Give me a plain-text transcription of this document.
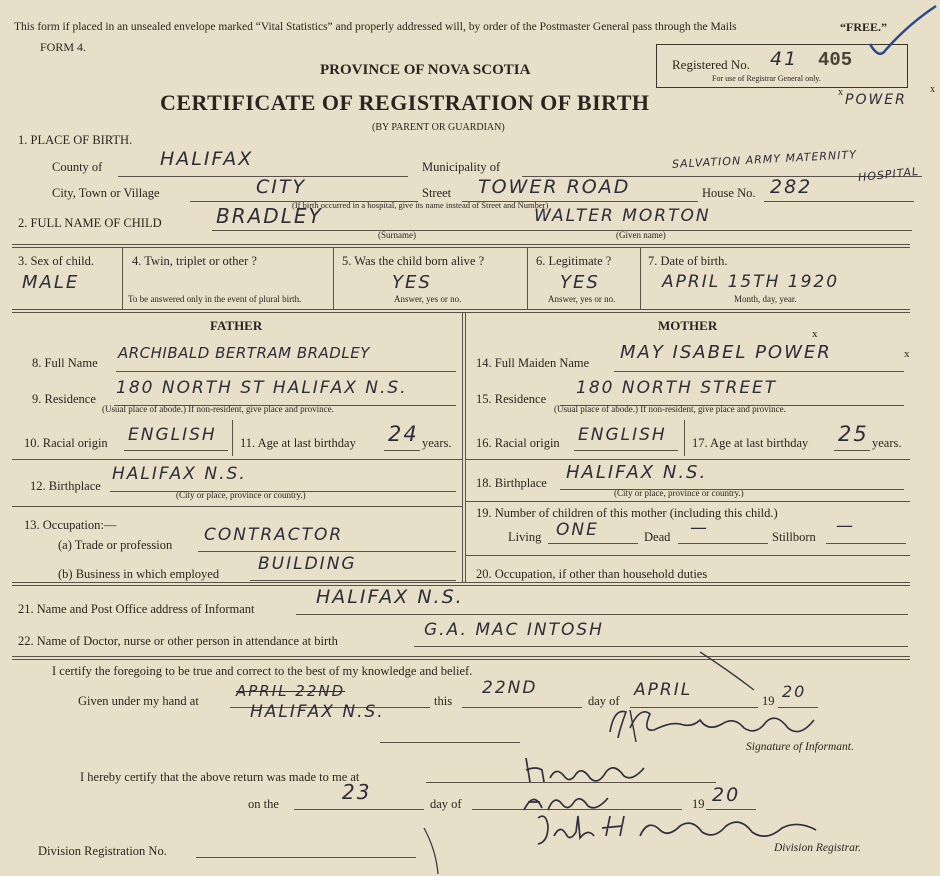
This form if placed in an unsealed envelope marked “Vital Statistics” and properly addressed will, by order of the Postmaster General pass through the Mails	“FREE.”
FORM 4.
PROVINCE OF NOVA SCOTIA
CERTIFICATE OF REGISTRATION OF BIRTH
(BY PARENT OR GUARDIAN)
Registered No. 41 405
For use of Registrar General only.
POWER
x	x
1. PLACE OF BIRTH.
County of	HALIFAX	Municipality of	SALVATION ARMY MATERNITY
HOSPITAL
City, Town or Village	CITY	Street TOWER ROAD	House No. 282
(If birth occurred in a hospital, give its name instead of Street and Number)
2. FULL NAME OF CHILD	BRADLEY
(Surname)
WALTER MORTON
(Given name)
3. Sex of child.
MALE
4. Twin, triplet or other ?
To be answered only in the event of plural birth.
5. Was the child born alive ?
YES
Answer, yes or no.
6. Legitimate ?
YES
Answer, yes or no.
7. Date of birth.
APRIL 15TH 1920
Month, day, year.
FATHER	MOTHER
8. Full Name
ARCHIBALD BERTRAM BRADLEY
9. Residence
180 NORTH ST HALIFAX N.S.
(Usual place of abode.) If non-resident, give place and province.
10. Racial origin ENGLISH 11. Age at last birthday 24 years.
12. Birthplace
HALIFAX N.S.
(City or place, province or country.)
13. Occupation:—
(a) Trade or profession CONTRACTOR
(b) Business in which employed BUILDING
14. Full Maiden Name MAY ISABEL POWER
x
x
15. Residence
180 NORTH STREET
(Usual place of abode.) If non-resident, give place and province.
16. Racial origin ENGLISH 17. Age at last birthday 25 years.
18. Birthplace HALIFAX N.S.
(City or place, province or country.)
19. Number of children of this mother (including this child.)
Living ONE	Dead —	Stillborn
—
20. Occupation, if other than household duties
21. Name and Post Office address of Informant
HALIFAX N.S.
22. Name of Doctor, nurse or other person in attendance at birth
G.A. MAC INTOSH
I certify the foregoing to be true and correct to the best of my knowledge and belief.
Given under my hand at
APRIL 22ND
HALIFAX N.S.
this
22ND
day of
APRIL
19 20
Signature of Informant.
I hereby certify that the above return was made to me at
on the	23	day of	19 20
Division Registration No.	Division Registrar.
